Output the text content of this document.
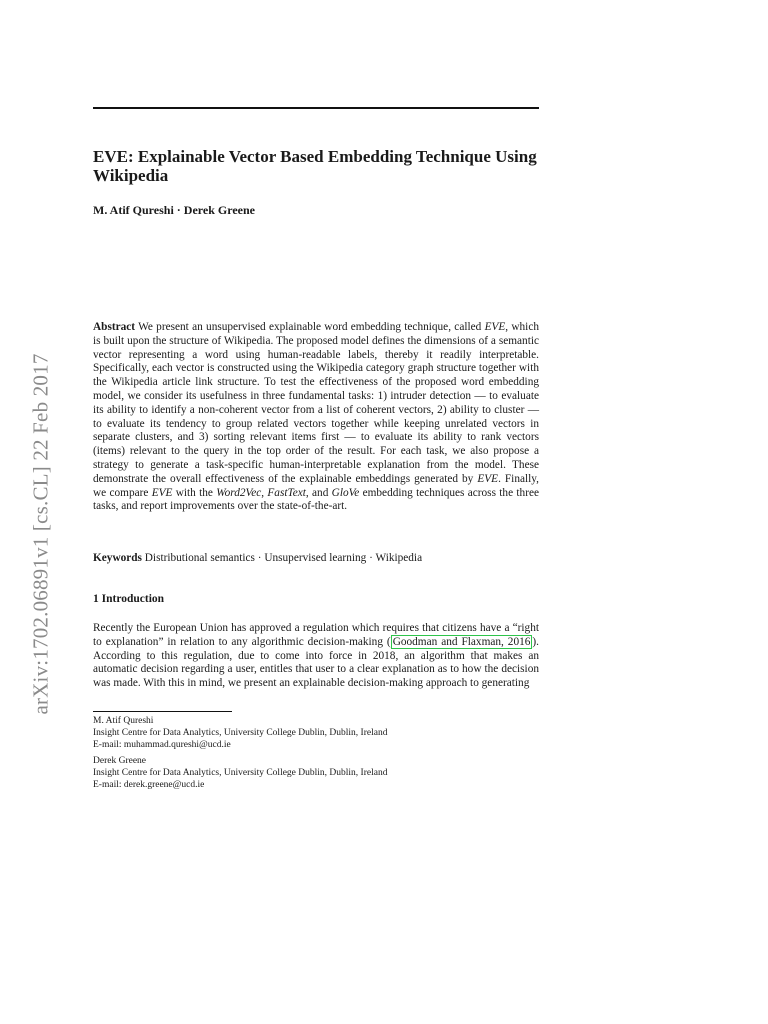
arXiv:1702.06891v1 [cs.CL] 22 Feb 2017
EVE: Explainable Vector Based Embedding Technique Using Wikipedia

M. Atif Qureshi · Derek Greene

Abstract We present an unsupervised explainable word embedding technique, called EVE, which is built upon the structure of Wikipedia. The proposed model defines the dimensions of a semantic vector representing a word using human-readable labels, thereby it readily interpretable. Specifically, each vector is constructed using the Wikipedia category graph structure together with the Wikipedia article link structure. To test the effectiveness of the proposed word embedding model, we consider its usefulness in three fundamental tasks: 1) intruder detection — to evaluate its ability to identify a non-coherent vector from a list of coherent vectors, 2) ability to cluster — to evaluate its tendency to group related vectors together while keeping unrelated vectors in separate clusters, and 3) sorting relevant items first — to evaluate its ability to rank vectors (items) relevant to the query in the top order of the result. For each task, we also propose a strategy to generate a task-specific human-interpretable explanation from the model. These demonstrate the overall effectiveness of the explainable embeddings generated by EVE. Finally, we compare EVE with the Word2Vec, FastText, and GloVe embedding techniques across the three tasks, and report improvements over the state-of-the-art.

Keywords Distributional semantics · Unsupervised learning · Wikipedia

1 Introduction

Recently the European Union has approved a regulation which requires that citizens have a “right to explanation” in relation to any algorithmic decision-making ( Goodman and Flaxman, 2016 ). According to this regulation, due to come into force in 2018, an algorithm that makes an automatic decision regarding a user, entitles that user to a clear explanation as to how the decision was made. With this in mind, we present an explainable decision-making approach to generating

M. Atif Qureshi
Insight Centre for Data Analytics, University College Dublin, Dublin, Ireland
E-mail: muhammad.qureshi@ucd.ie
Derek Greene
Insight Centre for Data Analytics, University College Dublin, Dublin, Ireland
E-mail: derek.greene@ucd.ie
